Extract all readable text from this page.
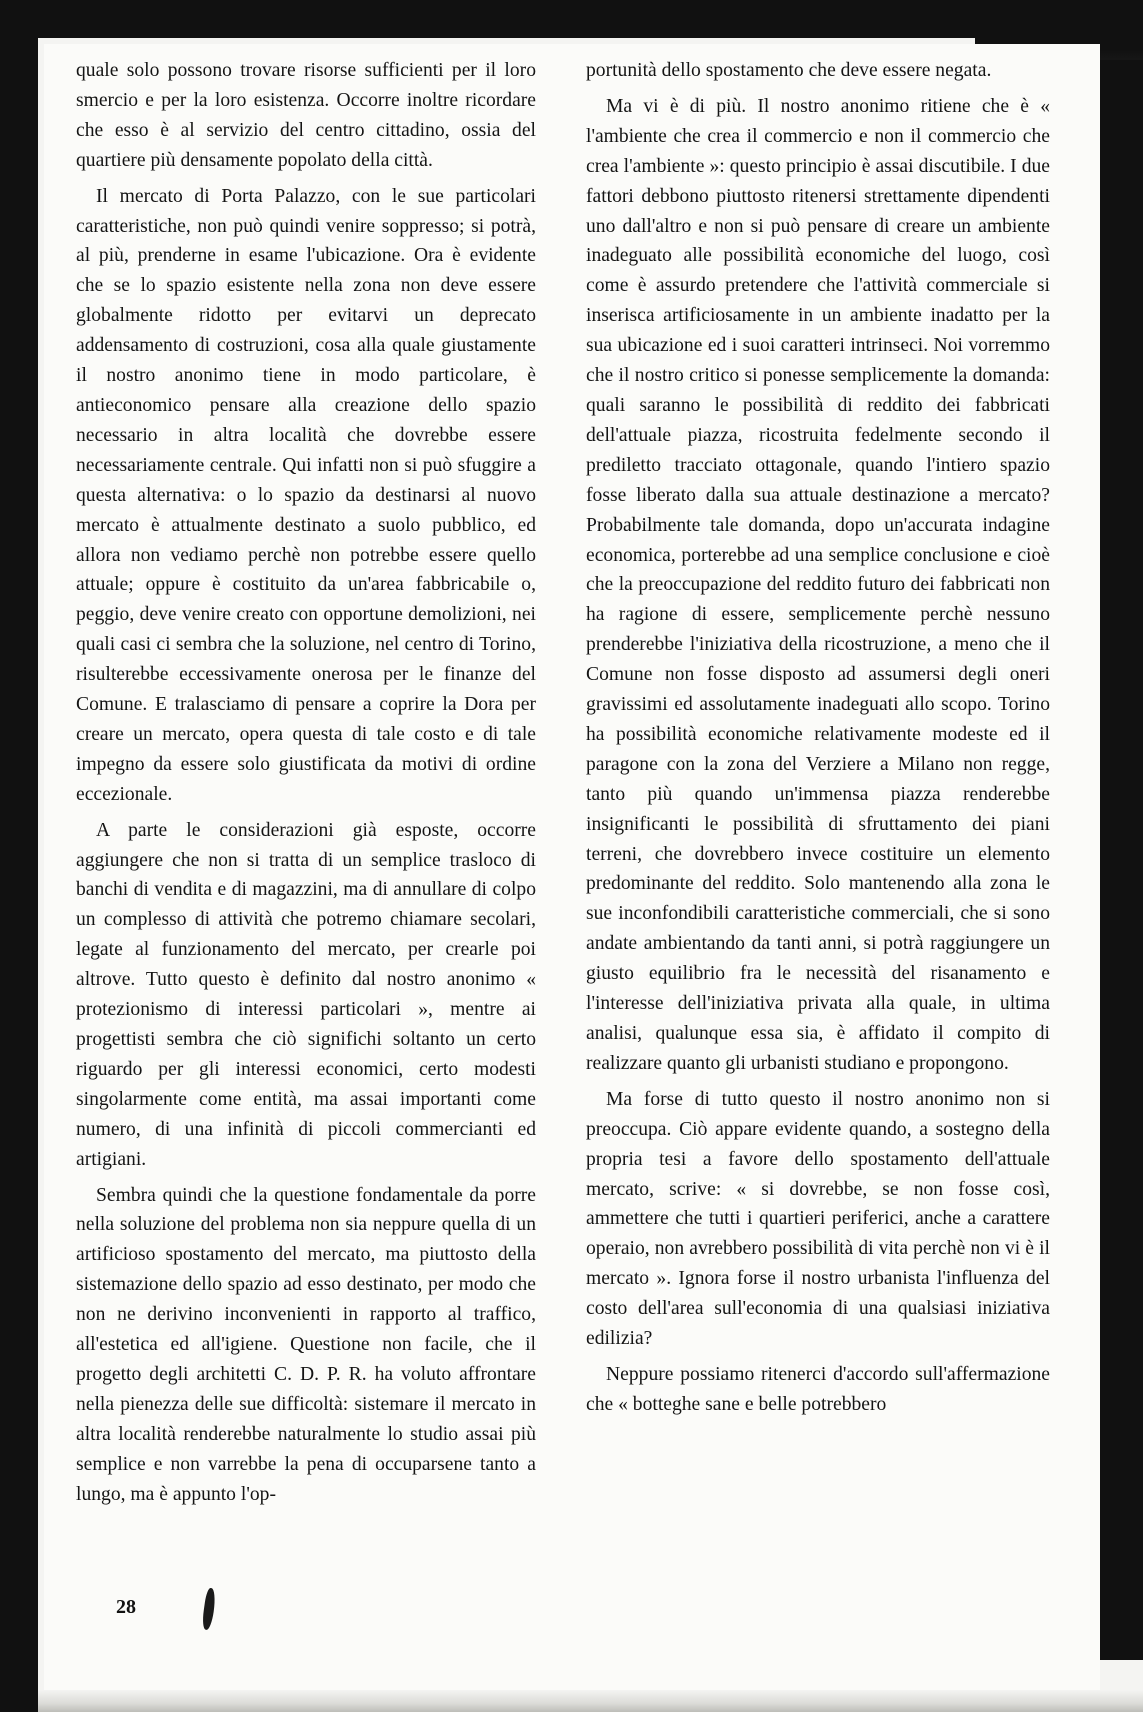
quale solo possono trovare risorse sufficienti per il loro smercio e per la loro esistenza. Occorre inoltre ricordare che esso è al servizio del centro cittadino, ossia del quartiere più densamente popolato della città.

Il mercato di Porta Palazzo, con le sue particolari caratteristiche, non può quindi venire soppresso; si potrà, al più, prenderne in esame l'ubicazione. Ora è evidente che se lo spazio esistente nella zona non deve essere globalmente ridotto per evitarvi un deprecato addensamento di costruzioni, cosa alla quale giustamente il nostro anonimo tiene in modo particolare, è antieconomico pensare alla creazione dello spazio necessario in altra località che dovrebbe essere necessariamente centrale. Qui infatti non si può sfuggire a questa alternativa: o lo spazio da destinarsi al nuovo mercato è attualmente destinato a suolo pubblico, ed allora non vediamo perchè non potrebbe essere quello attuale; oppure è costituito da un'area fabbricabile o, peggio, deve venire creato con opportune demolizioni, nei quali casi ci sembra che la soluzione, nel centro di Torino, risulterebbe eccessivamente onerosa per le finanze del Comune. E tralasciamo di pensare a coprire la Dora per creare un mercato, opera questa di tale costo e di tale impegno da essere solo giustificata da motivi di ordine eccezionale.

A parte le considerazioni già esposte, occorre aggiungere che non si tratta di un semplice trasloco di banchi di vendita e di magazzini, ma di annullare di colpo un complesso di attività che potremo chiamare secolari, legate al funzionamento del mercato, per crearle poi altrove. Tutto questo è definito dal nostro anonimo « protezionismo di interessi particolari », mentre ai progettisti sembra che ciò significhi soltanto un certo riguardo per gli interessi economici, certo modesti singolarmente come entità, ma assai importanti come numero, di una infinità di piccoli commercianti ed artigiani.

Sembra quindi che la questione fondamentale da porre nella soluzione del problema non sia neppure quella di un artificioso spostamento del mercato, ma piuttosto della sistemazione dello spazio ad esso destinato, per modo che non ne derivino inconvenienti in rapporto al traffico, all'estetica ed all'igiene. Questione non facile, che il progetto degli architetti C. D. P. R. ha voluto affrontare nella pienezza delle sue difficoltà: sistemare il mercato in altra località renderebbe naturalmente lo studio assai più semplice e non varrebbe la pena di occuparsene tanto a lungo, ma è appunto l'op-

portunità dello spostamento che deve essere negata.

Ma vi è di più. Il nostro anonimo ritiene che è « l'ambiente che crea il commercio e non il commercio che crea l'ambiente »: questo principio è assai discutibile. I due fattori debbono piuttosto ritenersi strettamente dipendenti uno dall'altro e non si può pensare di creare un ambiente inadeguato alle possibilità economiche del luogo, così come è assurdo pretendere che l'attività commerciale si inserisca artificiosamente in un ambiente inadatto per la sua ubicazione ed i suoi caratteri intrinseci. Noi vorremmo che il nostro critico si ponesse semplicemente la domanda: quali saranno le possibilità di reddito dei fabbricati dell'attuale piazza, ricostruita fedelmente secondo il prediletto tracciato ottagonale, quando l'intiero spazio fosse liberato dalla sua attuale destinazione a mercato? Probabilmente tale domanda, dopo un'accurata indagine economica, porterebbe ad una semplice conclusione e cioè che la preoccupazione del reddito futuro dei fabbricati non ha ragione di essere, semplicemente perchè nessuno prenderebbe l'iniziativa della ricostruzione, a meno che il Comune non fosse disposto ad assumersi degli oneri gravissimi ed assolutamente inadeguati allo scopo. Torino ha possibilità economiche relativamente modeste ed il paragone con la zona del Verziere a Milano non regge, tanto più quando un'immensa piazza renderebbe insignificanti le possibilità di sfruttamento dei piani terreni, che dovrebbero invece costituire un elemento predominante del reddito. Solo mantenendo alla zona le sue inconfondibili caratteristiche commerciali, che si sono andate ambientando da tanti anni, si potrà raggiungere un giusto equilibrio fra le necessità del risanamento e l'interesse dell'iniziativa privata alla quale, in ultima analisi, qualunque essa sia, è affidato il compito di realizzare quanto gli urbanisti studiano e propongono.

Ma forse di tutto questo il nostro anonimo non si preoccupa. Ciò appare evidente quando, a sostegno della propria tesi a favore dello spostamento dell'attuale mercato, scrive: « si dovrebbe, se non fosse così, ammettere che tutti i quartieri periferici, anche a carattere operaio, non avrebbero possibilità di vita perchè non vi è il mercato ». Ignora forse il nostro urbanista l'influenza del costo dell'area sull'economia di una qualsiasi iniziativa edilizia?

Neppure possiamo ritenerci d'accordo sull'affermazione che « botteghe sane e belle potrebbero

28
